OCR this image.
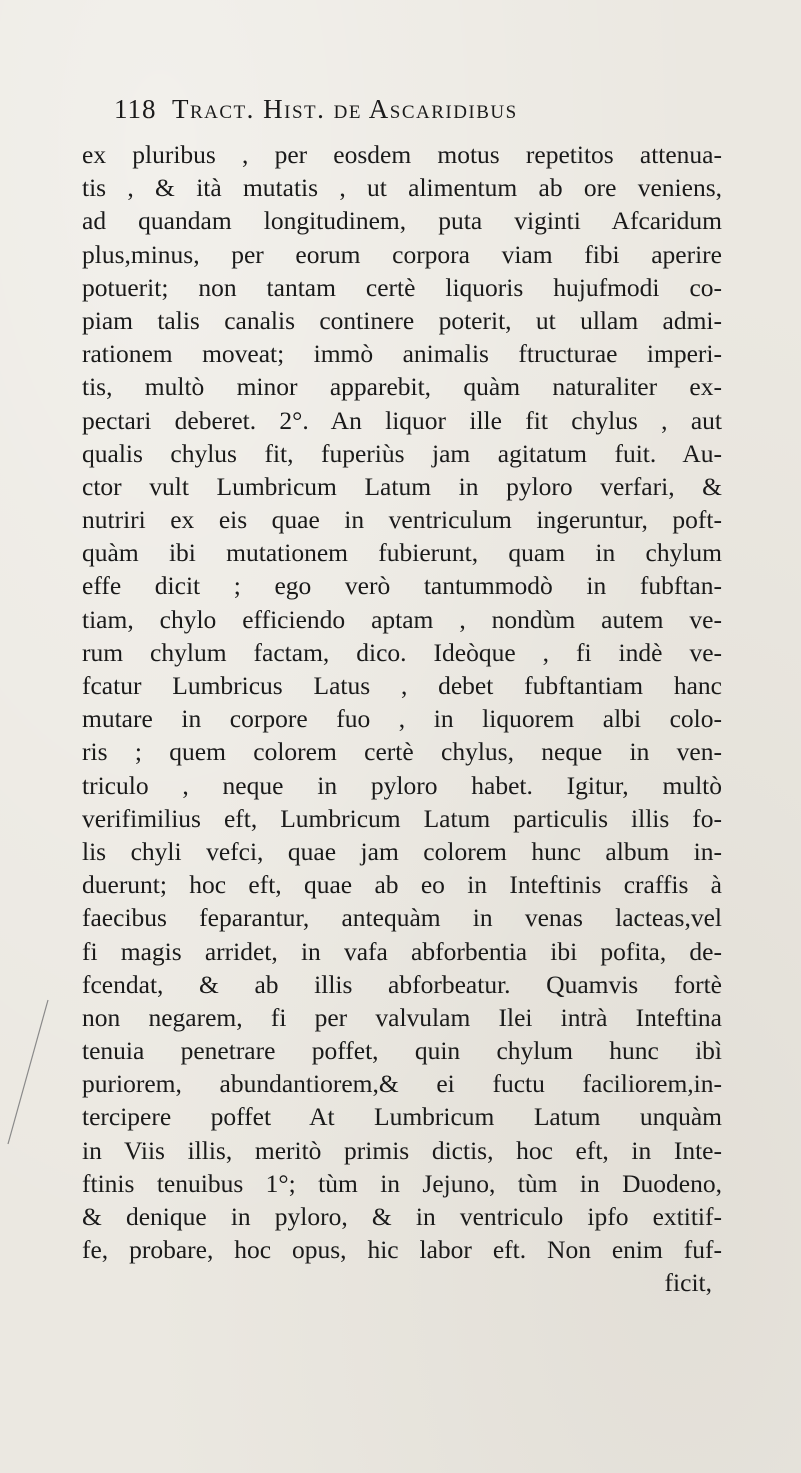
118 Tract. Hist. de Ascaridibus
ex pluribus , per eosdem motus repetitos attenua-
tis , & ità mutatis , ut alimentum ab ore veniens,
ad quandam longitudinem, puta viginti Afcaridum
plus,minus, per eorum corpora viam fibi aperire
potuerit; non tantam certè liquoris hujufmodi co-
piam talis canalis continere poterit, ut ullam admi-
rationem moveat; immò animalis ftructurae imperi-
tis, multò minor apparebit, quàm naturaliter ex-
pectari deberet. 2°. An liquor ille fit chylus , aut
qualis chylus fit, fuperiùs jam agitatum fuit. Au-
ctor vult Lumbricum Latum in pyloro verfari, &
nutriri ex eis quae in ventriculum ingeruntur, poft-
quàm ibi mutationem fubierunt, quam in chylum
effe dicit ; ego verò tantummodò in fubftan-
tiam, chylo efficiendo aptam , nondùm autem ve-
rum chylum factam, dico. Ideòque , fi indè ve-
fcatur Lumbricus Latus , debet fubftantiam hanc
mutare in corpore fuo , in liquorem albi colo-
ris ; quem colorem certè chylus, neque in ven-
triculo , neque in pyloro habet. Igitur, multò
verifimilius eft, Lumbricum Latum particulis illis fo-
lis chyli vefci, quae jam colorem hunc album in-
duerunt; hoc eft, quae ab eo in Inteftinis craffis à
faecibus feparantur, antequàm in venas lacteas,vel
fi magis arridet, in vafa abforbentia ibi pofita, de-
fcendat, & ab illis abforbeatur. Quamvis fortè
non negarem, fi per valvulam Ilei intrà Inteftina
tenuia penetrare poffet, quin chylum hunc ibì
puriorem, abundantiorem,& ei fuctu faciliorem,in-
tercipere poffet At Lumbricum Latum unquàm
in Viis illis, meritò primis dictis, hoc eft, in Inte-
ftinis tenuibus 1°; tùm in Jejuno, tùm in Duodeno,
& denique in pyloro, & in ventriculo ipfo extitif-
fe, probare, hoc opus, hic labor eft. Non enim fuf-
ficit,
